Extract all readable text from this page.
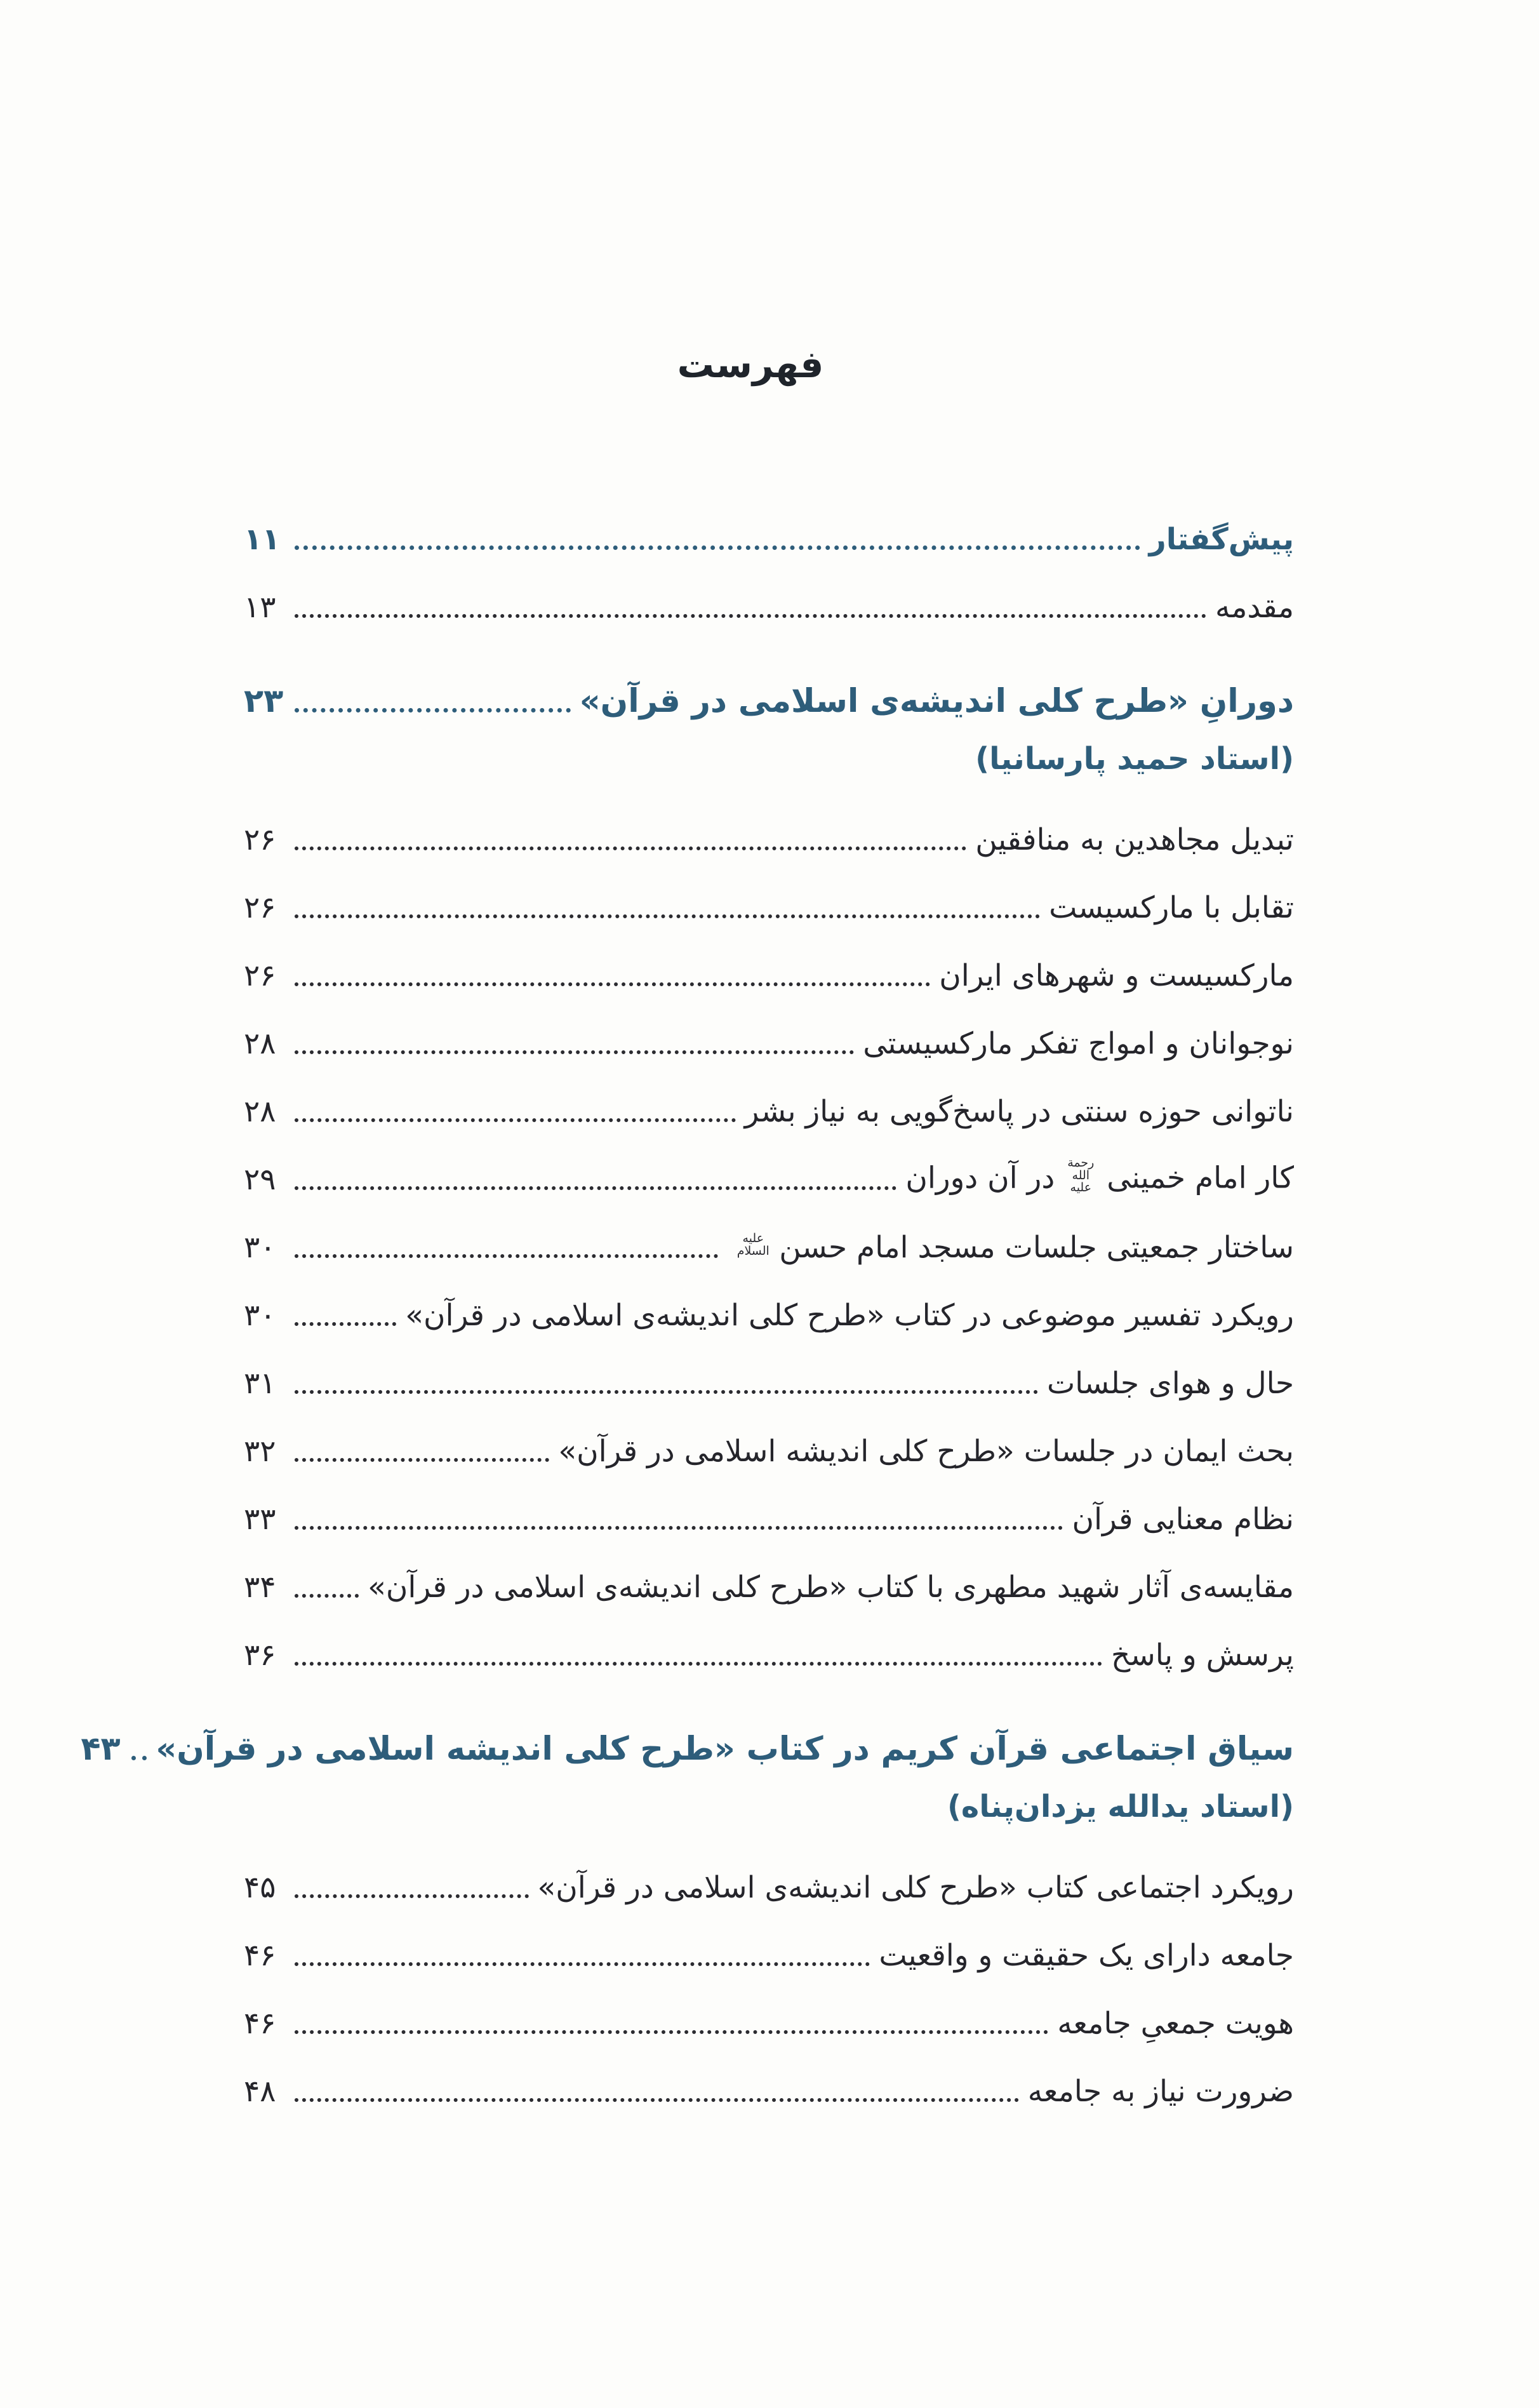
فهرست
پیش‌گفتار
۱۱
مقدمه
۱۳
دورانِ «طرح کلی اندیشه‌ی اسلامی در قرآن»
۲۳
(استاد حمید پارسانیا)
تبدیل مجاهدین به منافقین
۲۶
تقابل با مارکسیست
۲۶
مارکسیست و شهرهای ایران
۲۶
نوجوانان و امواج تفکر مارکسیستی
۲۸
ناتوانی حوزه سنتی در پاسخ‌گویی به نیاز بشر
۲۸
کار امام خمینیرحمة الله علیهدر آن دوران
۲۹
ساختار جمعیتی جلسات مسجد امام حسنعلیه السلام
۳۰
رویکرد تفسیر موضوعی در کتاب «طرح کلی اندیشه‌ی اسلامی در قرآن»
۳۰
حال و هوای جلسات
۳۱
بحث ایمان در جلسات «طرح کلی اندیشه اسلامی در قرآن»
۳۲
نظام معنایی قرآن
۳۳
مقایسه‌ی آثار شهید مطهری با کتاب «طرح کلی اندیشه‌ی اسلامی در قرآن»
۳۴
پرسش و پاسخ
۳۶
سیاق اجتماعی قرآن کریم در کتاب «طرح کلی اندیشه اسلامی در قرآن»
۴۳
(استاد یدالله یزدان‌پناه)
رویکرد اجتماعی کتاب «طرح کلی اندیشه‌ی اسلامی در قرآن»
۴۵
جامعه دارای یک حقیقت و واقعیت
۴۶
هویت جمعیِ جامعه
۴۶
ضرورت نیاز به جامعه
۴۸
